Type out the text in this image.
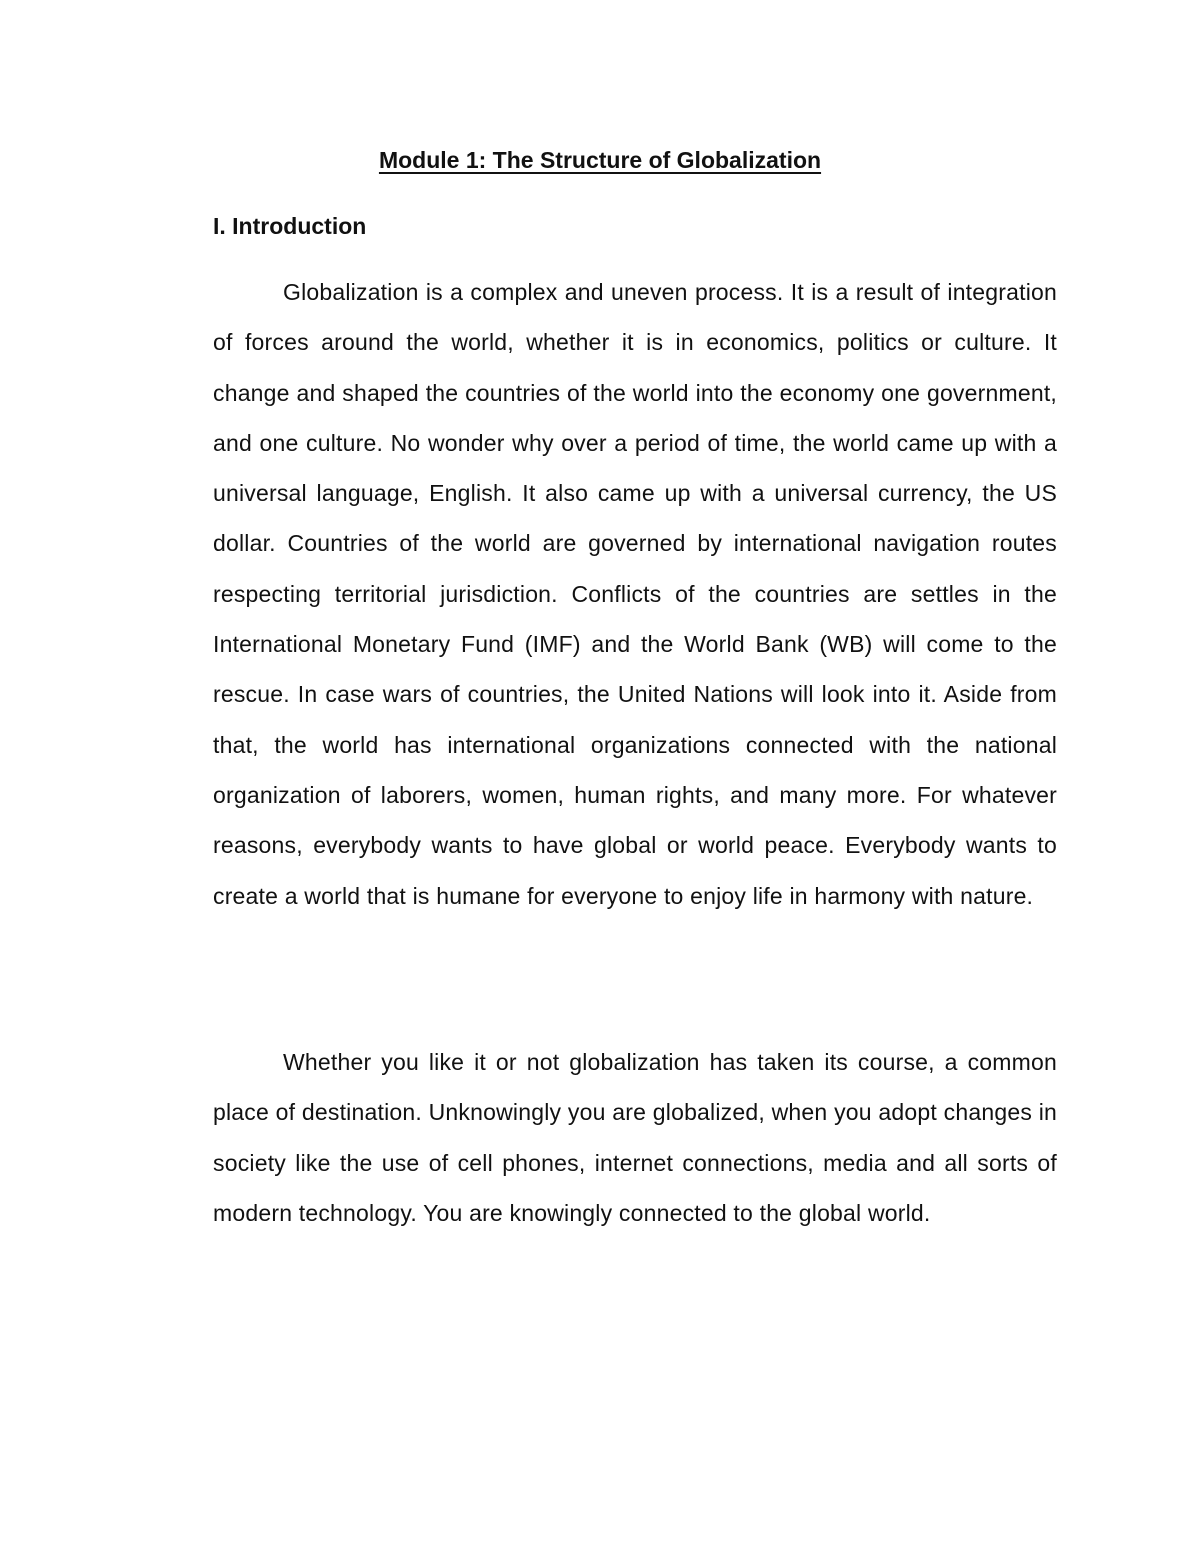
Module 1: The Structure of Globalization
I. Introduction

Globalization is a complex and uneven process. It is a result of integration of forces around the world, whether it is in economics, politics or culture. It change and shaped the countries of the world into the economy one government, and one culture. No wonder why over a period of time, the world came up with a universal language, English. It also came up with a universal currency, the US dollar. Countries of the world are governed by international navigation routes respecting territorial jurisdiction. Conflicts of the countries are settles in the International Monetary Fund (IMF) and the World Bank (WB) will come to the rescue. In case wars of countries, the United Nations will look into it. Aside from that, the world has international organizations connected with the national organization of laborers, women, human rights, and many more. For whatever reasons, everybody wants to have global or world peace. Everybody wants to create a world that is humane for everyone to enjoy life in harmony with nature.

Whether you like it or not globalization has taken its course, a common place of destination. Unknowingly you are globalized, when you adopt changes in society like the use of cell phones, internet connections, media and all sorts of modern technology. You are knowingly connected to the global world.
